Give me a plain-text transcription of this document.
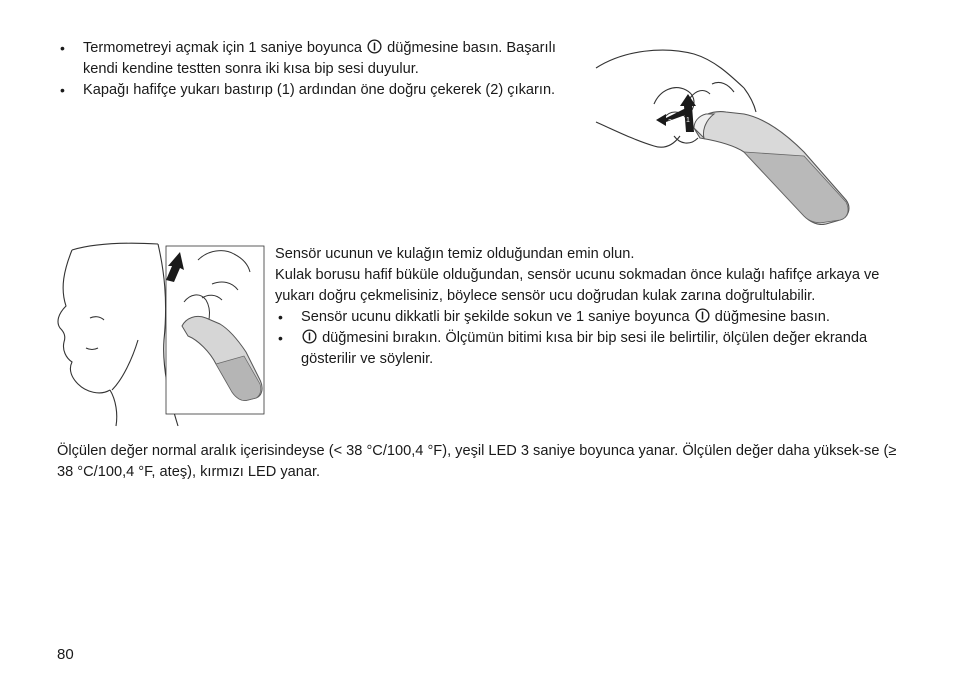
• Termometreyi açmak için 1 saniye boyunca düğmesine basın. Başarılı kendi kendine testten sonra iki kısa bip sesi duyulur.
• Kapağı hafifçe yukarı bastırıp (1) ardından öne doğru çekerek (2) çıkarın.
2 1

Sensör ucunun ve kulağın temiz olduğundan emin olun.

Kulak borusu hafif büküle olduğundan, sensör ucunu sokmadan önce kulağı hafifçe arkaya ve yukarı doğru çekmelisiniz, böylece sensör ucu doğrudan kulak zarına doğrultulabilir.

• Sensör ucunu dikkatli bir şekilde sokun ve 1 saniye boyunca düğmesine basın.
•	düğmesini bırakın. Ölçümün bitimi kısa bir bip sesi ile belirtilir, ölçülen değer ekranda gösterilir ve söylenir.

Ölçülen değer normal aralık içerisindeyse (< 38 °C/100,4 °F), yeşil LED 3 saniye boyunca yanar. Ölçülen değer daha yüksek-se (≥ 38 °C/100,4 °F, ateş), kırmızı LED yanar.

80
